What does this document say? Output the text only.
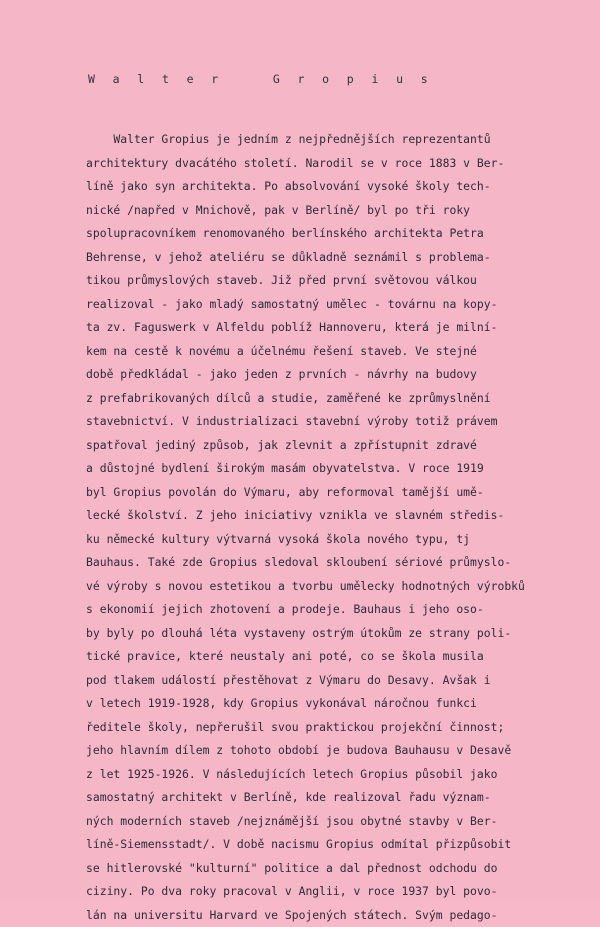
W a l t e r    G r o p i u s
Walter Gropius je jedním z nejpřednějších reprezentantů
architektury dvacátého století. Narodil se v roce 1883 v Ber-
líně jako syn architekta. Po absolvování vysoké školy tech-
nické /napřed v Mnichově, pak v Berlíně/ byl po tři roky
spolupracovníkem renomovaného berlínského architekta Petra
Behrense, v jehož ateliéru se důkladně seznámil s problema-
tikou průmyslových staveb. Již před první světovou válkou
realizoval - jako mladý samostatný umělec - továrnu na kopy-
ta zv. Faguswerk v Alfeldu poblíž Hannoveru, která je milní-
kem na cestě k novému a účelnému řešení staveb. Ve stejné
době předkládal - jako jeden z prvních - návrhy na budovy
z prefabrikovaných dílců a studie, zaměřené ke zprůmyslnění
stavebnictví. V industrializaci stavební výroby totiž právem
spatřoval jediný způsob, jak zlevnit a zpřístupnit zdravé
a důstojné bydlení širokým masám obyvatelstva. V roce 1919
byl Gropius povolán do Výmaru, aby reformoval tamější umě-
lecké školství. Z jeho iniciativy vznikla ve slavném středis-
ku německé kultury výtvarná vysoká škola nového typu, tj
Bauhaus. Také zde Gropius sledoval skloubení sériové průmyslo-
vé výroby s novou estetikou a tvorbu umělecky hodnotných výrobků
s ekonomií jejich zhotovení a prodeje. Bauhaus i jeho oso-
by byly po dlouhá léta vystaveny ostrým útokům ze strany poli-
tické pravice, které neustaly ani poté, co se škola musila
pod tlakem událostí přestěhovat z Výmaru do Desavy. Avšak i
v letech 1919-1928, kdy Gropius vykonával náročnou funkci
ředitele školy, nepřerušil svou praktickou projekční činnost;
jeho hlavním dílem z tohoto období je budova Bauhausu v Desavě
z let 1925-1926. V následujících letech Gropius působil jako
samostatný architekt v Berlíně, kde realizoval řadu význam-
ných moderních staveb /nejznámější jsou obytné stavby v Ber-
líně-Siemensstadt/. V době nacismu Gropius odmítal přizpůsobit
se hitlerovské "kulturní" politice a dal přednost odchodu do
ciziny. Po dva roky pracoval v Anglii, v roce 1937 byl povo-
lán na universitu Harvard ve Spojených státech. Svým pedago-
